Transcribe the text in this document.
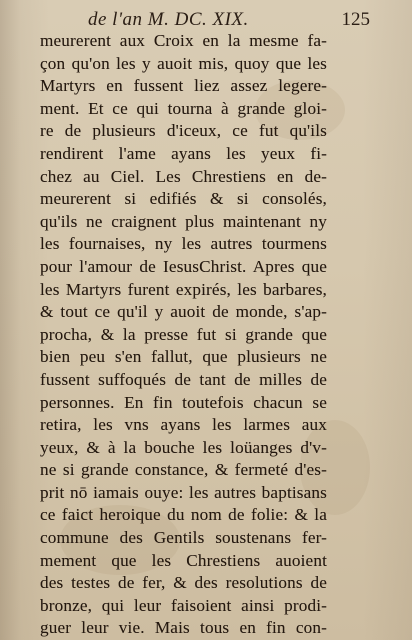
de l'an M. DC. XIX.	125
meurerent aux Croix en la mesme fa-
çon qu'on les y auoit mis, quoy que les
Martyrs en fussent liez assez legere-
ment. Et ce qui tourna à grande gloi-
re de plusieurs d'iceux, ce fut qu'ils
rendirent l'ame ayans les yeux fi-
chez au Ciel. Les Chrestiens en de-
meurerent si edifiés & si consolés,
qu'ils ne craignent plus maintenant ny
les fournaises, ny les autres tourmens
pour l'amour de IesusChrist. Apres que
les Martyrs furent expirés, les barbares,
& tout ce qu'il y auoit de monde, s'ap-
procha, & la presse fut si grande que
bien peu s'en fallut, que plusieurs ne
fussent suffoqués de tant de milles de
personnes. En fin toutefois chacun se
retira, les vns ayans les larmes aux
yeux, & à la bouche les loüanges d'v-
ne si grande constance, & fermeté d'es-
prit nō iamais ouye: les autres baptisans
ce faict heroique du nom de folie: & la
commune des Gentils soustenans fer-
mement que les Chrestiens auoient
des testes de fer, & des resolutions de
bronze, qui leur faisoient ainsi prodi-
guer leur vie. Mais tous en fin con-
